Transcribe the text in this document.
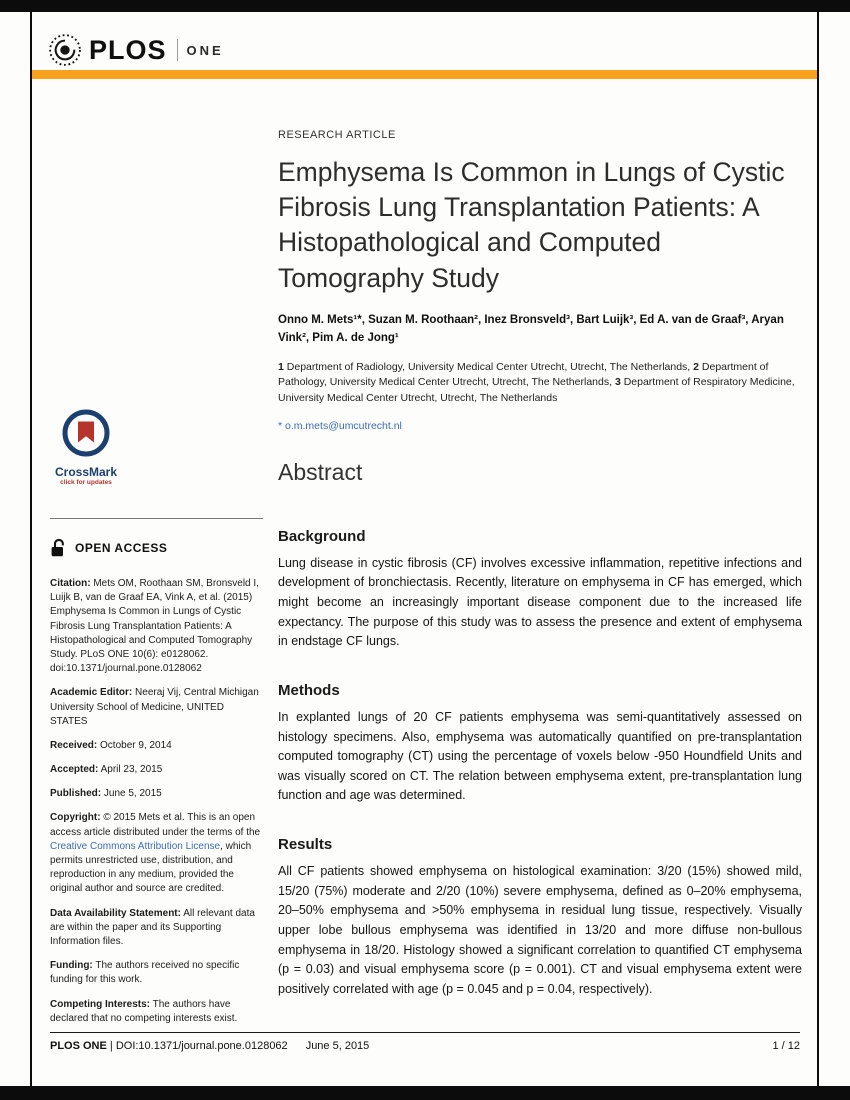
PLOS ONE
CrossMark
click for updates
OPEN ACCESS

Citation: Mets OM, Roothaan SM, Bronsveld I, Luijk B, van de Graaf EA, Vink A, et al. (2015) Emphysema Is Common in Lungs of Cystic Fibrosis Lung Transplantation Patients: A Histopathological and Computed Tomography Study. PLoS ONE 10(6): e0128062. doi:10.1371/journal.pone.0128062

Academic Editor: Neeraj Vij, Central Michigan University School of Medicine, UNITED STATES

Received: October 9, 2014

Accepted: April 23, 2015

Published: June 5, 2015

Copyright: © 2015 Mets et al. This is an open access article distributed under the terms of the Creative Commons Attribution License, which permits unrestricted use, distribution, and reproduction in any medium, provided the original author and source are credited.

Data Availability Statement: All relevant data are within the paper and its Supporting Information files.

Funding: The authors received no specific funding for this work.

Competing Interests: The authors have declared that no competing interests exist.

RESEARCH ARTICLE
Emphysema Is Common in Lungs of Cystic Fibrosis Lung Transplantation Patients: A Histopathological and Computed Tomography Study
Onno M. Mets¹*, Suzan M. Roothaan², Inez Bronsveld³, Bart Luijk³, Ed A. van de Graaf³, Aryan Vink², Pim A. de Jong¹
1 Department of Radiology, University Medical Center Utrecht, Utrecht, The Netherlands, 2 Department of Pathology, University Medical Center Utrecht, Utrecht, The Netherlands, 3 Department of Respiratory Medicine, University Medical Center Utrecht, Utrecht, The Netherlands
* o.m.mets@umcutrecht.nl
Abstract
Background

Lung disease in cystic fibrosis (CF) involves excessive inflammation, repetitive infections and development of bronchiectasis. Recently, literature on emphysema in CF has emerged, which might become an increasingly important disease component due to the increased life expectancy. The purpose of this study was to assess the presence and extent of emphysema in endstage CF lungs.

Methods

In explanted lungs of 20 CF patients emphysema was semi-quantitatively assessed on histology specimens. Also, emphysema was automatically quantified on pre-transplantation computed tomography (CT) using the percentage of voxels below -950 Houndfield Units and was visually scored on CT. The relation between emphysema extent, pre-transplantation lung function and age was determined.

Results

All CF patients showed emphysema on histological examination: 3/20 (15%) showed mild, 15/20 (75%) moderate and 2/20 (10%) severe emphysema, defined as 0–20% emphysema, 20–50% emphysema and >50% emphysema in residual lung tissue, respectively. Visually upper lobe bullous emphysema was identified in 13/20 and more diffuse non-bullous emphysema in 18/20. Histology showed a significant correlation to quantified CT emphysema (p = 0.03) and visual emphysema score (p = 0.001). CT and visual emphysema extent were positively correlated with age (p = 0.045 and p = 0.04, respectively).

PLOS ONE | DOI:10.1371/journal.pone.0128062 June 5, 2015	1 / 12
